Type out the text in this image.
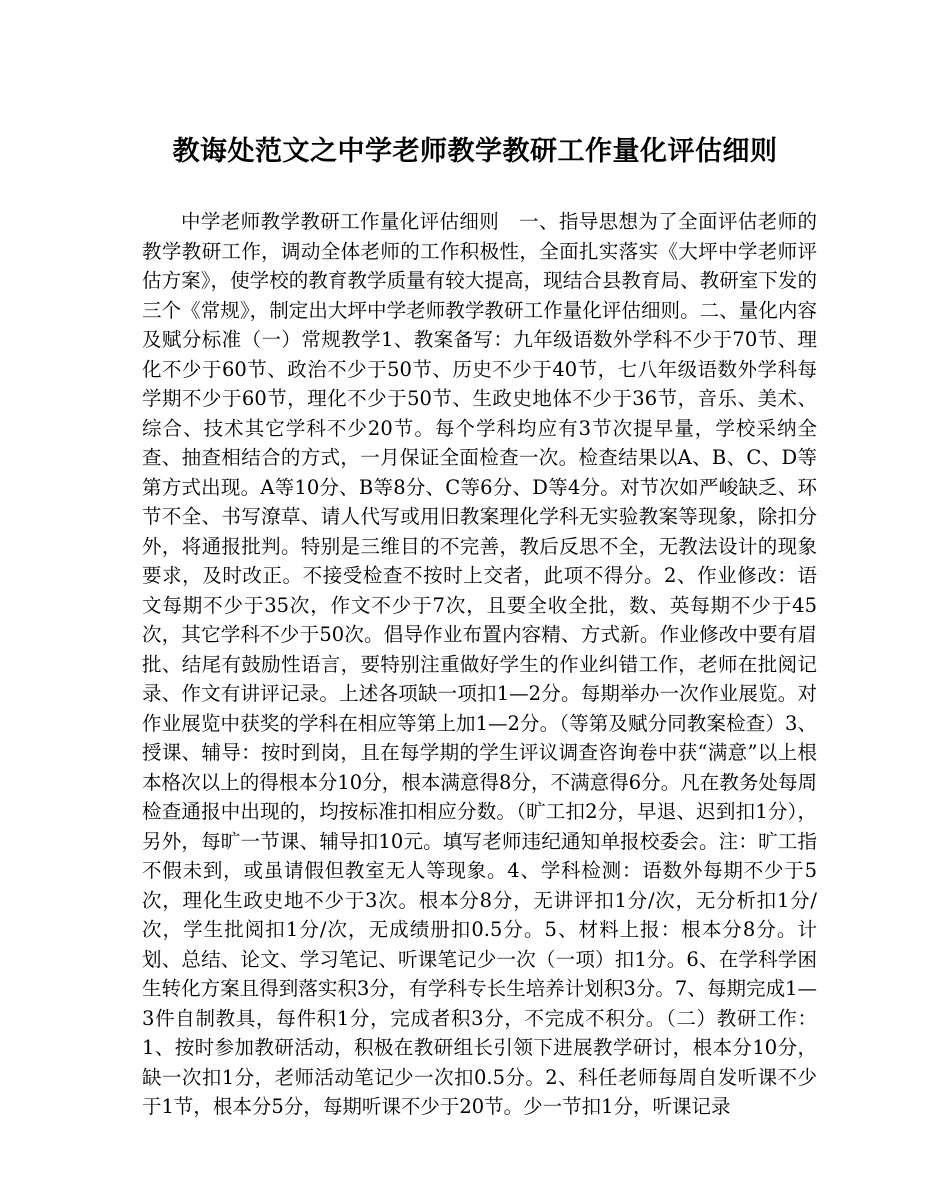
教诲处范文之中学老师教学教研工作量化评估细则

中学老师教学教研工作量化评估细则　一、指导思想为了全面评估老师的教学教研工作，调动全体老师的工作积极性，全面扎实落实《大坪中学老师评估方案》，使学校的教育教学质量有较大提高，现结合县教育局、教研室下发的三个《常规》，制定出大坪中学老师教学教研工作量化评估细则。二、量化内容及赋分标准（一）常规教学1、教案备写：九年级语数外学科不少于70节、理化不少于60节、政治不少于50节、历史不少于40节，七八年级语数外学科每学期不少于60节，理化不少于50节、生政史地体不少于36节，音乐、美术、综合、技术其它学科不少20节。每个学科均应有3节次提早量，学校采纳全查、抽查相结合的方式，一月保证全面检查一次。检查结果以A、B、C、D等第方式出现。A等10分、B等8分、C等6分、D等4分。对节次如严峻缺乏、环节不全、书写潦草、请人代写或用旧教案理化学科无实验教案等现象，除扣分外，将通报批判。特别是三维目的不完善，教后反思不全，无教法设计的现象要求，及时改正。不接受检查不按时上交者，此项不得分。2、作业修改：语文每期不少于35次，作文不少于7次，且要全收全批，数、英每期不少于45次，其它学科不少于50次。倡导作业布置内容精、方式新。作业修改中要有眉批、结尾有鼓励性语言，要特别注重做好学生的作业纠错工作，老师在批阅记录、作文有讲评记录。上述各项缺一项扣1—2分。每期举办一次作业展览。对作业展览中获奖的学科在相应等第上加1—2分。（等第及赋分同教案检查）3、授课、辅导：按时到岗，且在每学期的学生评议调查咨询卷中获“满意”以上根本格次以上的得根本分10分，根本满意得8分，不满意得6分。凡在教务处每周检查通报中出现的，均按标准扣相应分数。（旷工扣2分，早退、迟到扣1分），另外，每旷一节课、辅导扣10元。填写老师违纪通知单报校委会。注：旷工指不假未到，或虽请假但教室无人等现象。4、学科检测：语数外每期不少于5次，理化生政史地不少于3次。根本分8分，无讲评扣1分/次，无分析扣1分/次，学生批阅扣1分/次，无成绩册扣0.5分。5、材料上报：根本分8分。计划、总结、论文、学习笔记、听课笔记少一次（一项）扣1分。6、在学科学困生转化方案且得到落实积3分，有学科专长生培养计划积3分。7、每期完成1—3件自制教具，每件积1分，完成者积3分，不完成不积分。（二）教研工作：1、按时参加教研活动，积极在教研组长引领下进展教学研讨，根本分10分，缺一次扣1分，老师活动笔记少一次扣0.5分。2、科任老师每周自发听课不少于1节，根本分5分，每期听课不少于20节。少一节扣1分，听课记录
